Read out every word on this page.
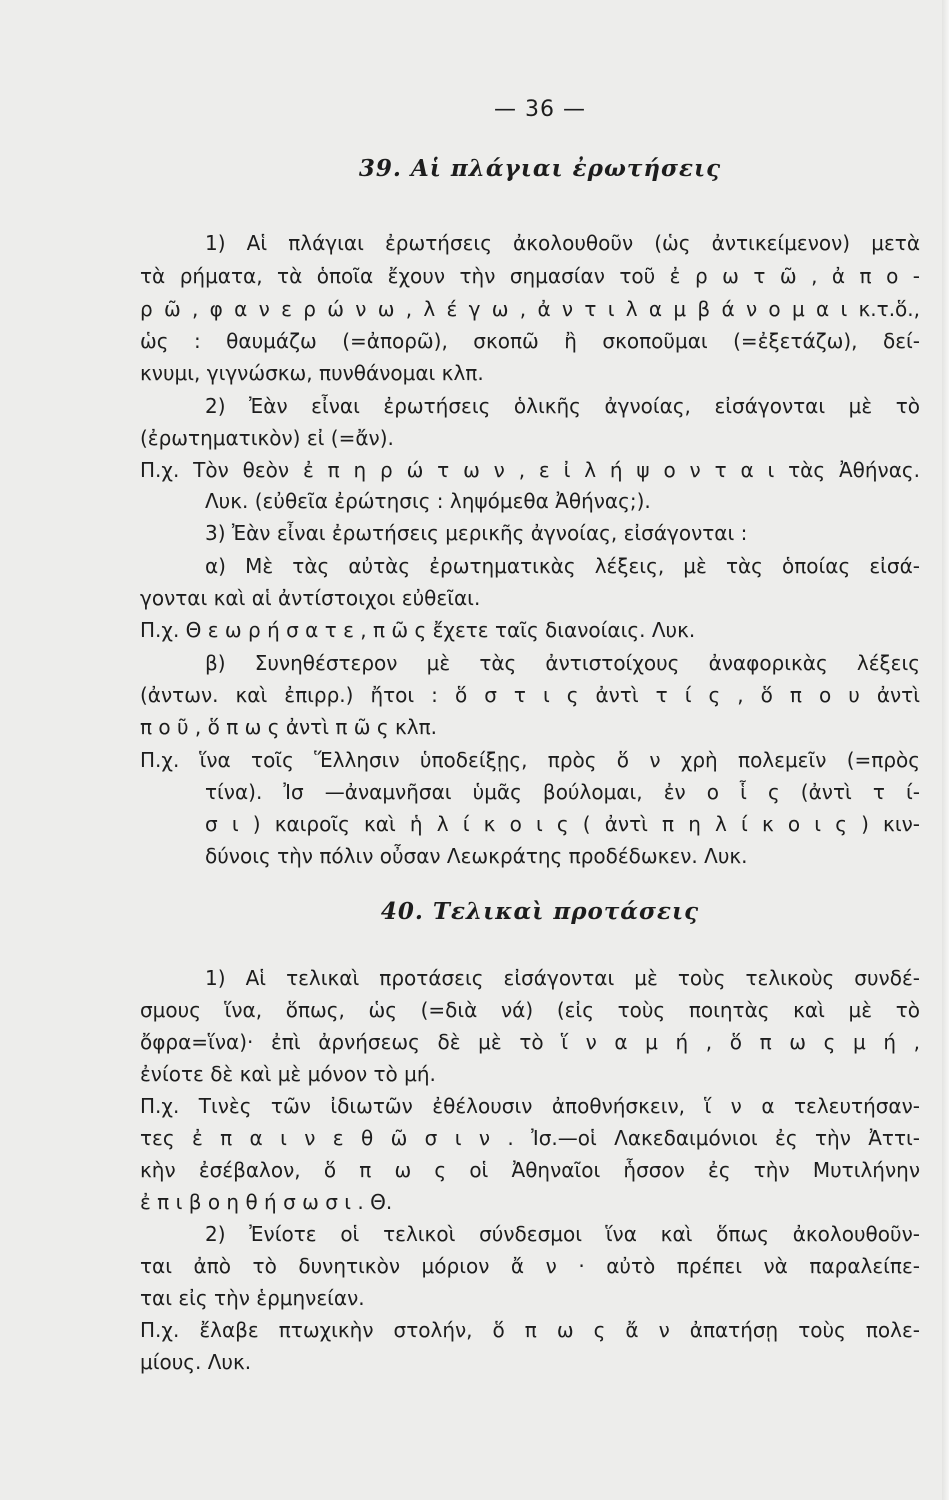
— 36 —
39. Αἱ πλάγιαι ἐρωτήσεις
1) Αἱ πλάγιαι ἐρωτήσεις ἀκολουθοῦν (ὡς ἀντικείμενον) μετὰ
τὰ ρήματα, τὰ ὁποῖα ἔχουν τὴν σημασίαν τοῦ ἐ ρ ω τ ῶ , ἀ π ο -
ρ ῶ , φ α ν ε ρ ώ ν ω , λ έ γ ω , ἀ ν τ ι λ α μ β ά ν ο μ α ι κ.τ.ὅ.,
ὡς : θαυμάζω (=ἀπορῶ), σκοπῶ ἢ σκοποῦμαι (=ἐξετάζω), δεί-
κνυμι, γιγνώσκω, πυνθάνομαι κλπ.
2) Ἐὰν εἶναι ἐρωτήσεις ὁλικῆς ἀγνοίας, εἰσάγονται μὲ τὸ
(ἐρωτηματικὸν) εἰ (=ἄν).
Π.χ. Τὸν θεὸν ἐ π η ρ ώ τ ω ν , ε ἰ λ ή ψ ο ν τ α ι τὰς Ἀθήνας.
Λυκ. (εὐθεῖα ἐρώτησις : ληψόμεθα Ἀθήνας;).
3) Ἐὰν εἶναι ἐρωτήσεις μερικῆς ἀγνοίας, εἰσάγονται :
α) Μὲ τὰς αὐτὰς ἐρωτηματικὰς λέξεις, μὲ τὰς ὁποίας εἰσά-
γονται καὶ αἱ ἀντίστοιχοι εὐθεῖαι.
Π.χ. Θ ε ω ρ ή σ α τ ε , π ῶ ς ἔχετε ταῖς διανοίαις. Λυκ.
β) Συνηθέστερον μὲ τὰς ἀντιστοίχους ἀναφορικὰς λέξεις
(ἀντων. καὶ ἐπιρρ.) ἤτοι : ὅ σ τ ι ς ἀντὶ τ ί ς , ὅ π ο υ ἀντὶ
π ο ῦ , ὅ π ω ς ἀντὶ π ῶ ς κλπ.
Π.χ. ἵνα τοῖς Ἕλλησιν ὑποδείξῃς, πρὸς ὅ ν χρὴ πολεμεῖν (=πρὸς
τίνα). Ἰσ —ἀναμνῆσαι ὑμᾶς βούλομαι, ἐν ο ἷ ς (ἀντὶ τ ί-
σ ι ) καιροῖς καὶ ἡ λ ί κ ο ι ς ( ἀντὶ π η λ ί κ ο ι ς ) κιν-
δύνοις τὴν πόλιν οὖσαν Λεωκράτης προδέδωκεν. Λυκ.
40. Τελικαὶ προτάσεις
1) Αἱ τελικαὶ προτάσεις εἰσάγονται μὲ τοὺς τελικοὺς συνδέ-
σμους ἵνα, ὅπως, ὡς (=διὰ νά) (εἰς τοὺς ποιητὰς καὶ μὲ τὸ
ὄφρα=ἵνα)· ἐπὶ ἀρνήσεως δὲ μὲ τὸ ἵ ν α μ ή , ὅ π ω ς μ ή ,
ἐνίοτε δὲ καὶ μὲ μόνον τὸ μή.
Π.χ. Τινὲς τῶν ἰδιωτῶν ἐθέλουσιν ἀποθνήσκειν, ἵ ν α τελευτήσαν-
τες ἐ π α ι ν ε θ ῶ σ ι ν . Ἰσ.—οἱ Λακεδαιμόνιοι ἐς τὴν Ἀττι-
κὴν ἐσέβαλον, ὅ π ω ς οἱ Ἀθηναῖοι ἧσσον ἐς τὴν Μυτιλήνην
ἐ π ι β ο η θ ή σ ω σ ι . Θ.
2) Ἐνίοτε οἱ τελικοὶ σύνδεσμοι ἵνα καὶ ὅπως ἀκολουθοῦν-
ται ἀπὸ τὸ δυνητικὸν μόριον ἄ ν · αὐτὸ πρέπει νὰ παραλείπε-
ται εἰς τὴν ἑρμηνείαν.
Π.χ. ἔλαβε πτωχικὴν στολήν, ὅ π ω ς ἄ ν ἀπατήσῃ τοὺς πολε-
μίους. Λυκ.
